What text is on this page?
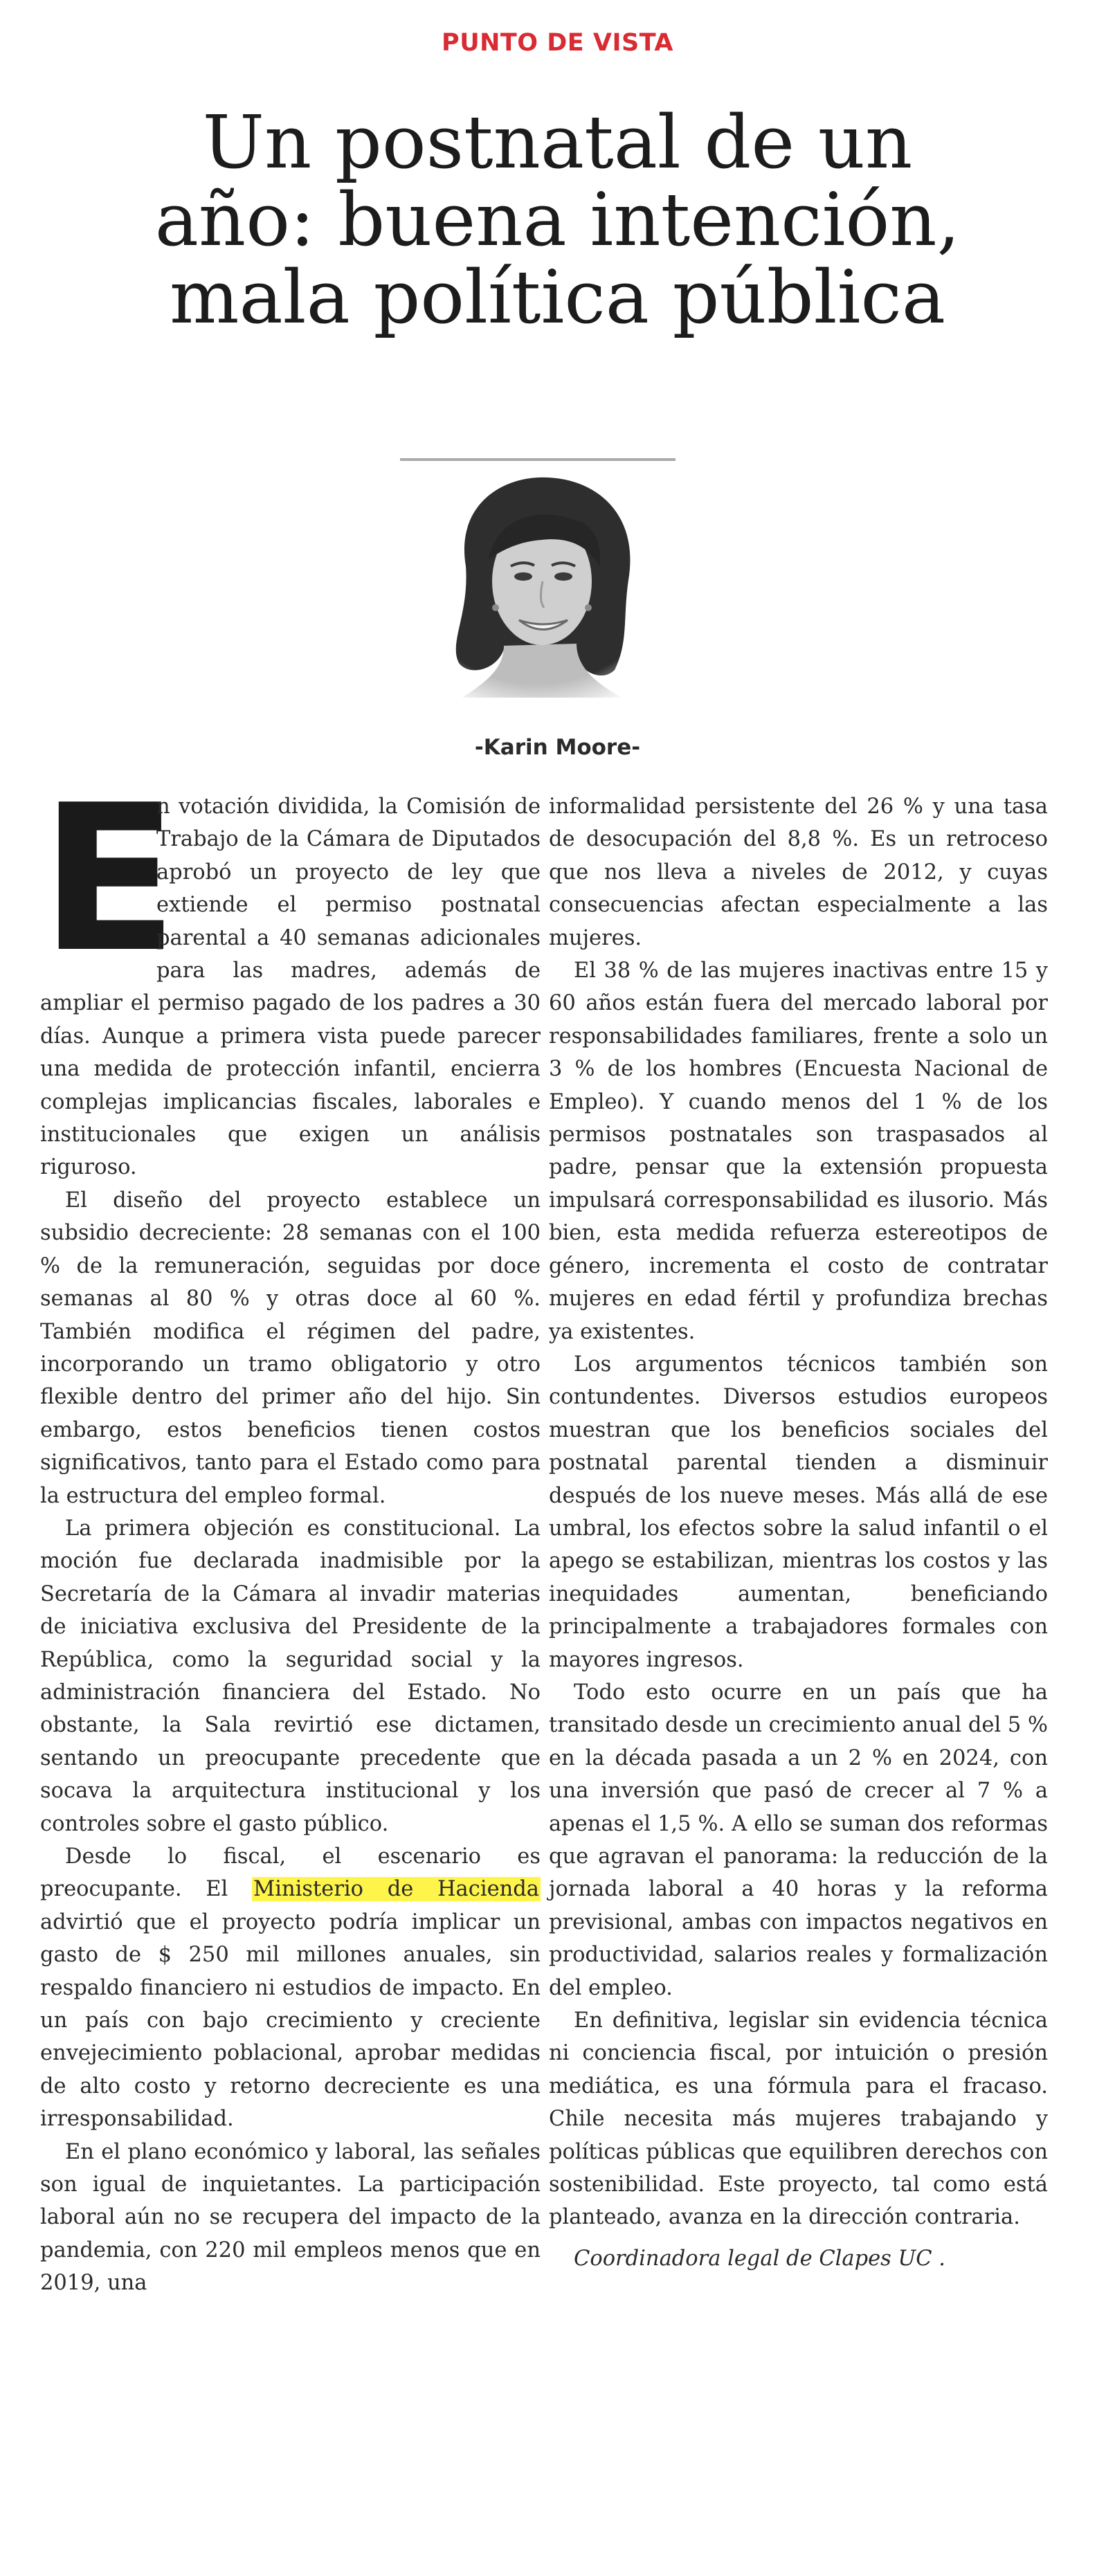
PUNTO DE VISTA
Un postnatal de un
año: buena intención,
mala política pública
-Karin Moore-

E
n votación dividida, la Comisión de Trabajo de la Cámara de Diputados aprobó un proyecto de ley que extiende el permiso postnatal parental a 40 semanas adicionales para las madres, además de ampliar el permiso pagado de los padres a 30 días. Aunque a primera vista puede parecer una medida de protección infantil, encierra complejas implicancias fiscales, laborales e institucionales que exigen un análisis riguroso.

El diseño del proyecto establece un subsidio decreciente: 28 semanas con el 100 % de la remuneración, seguidas por doce semanas al 80 % y otras doce al 60 %. También modifica el régimen del padre, incorporando un tramo obligatorio y otro flexible dentro del primer año del hijo. Sin embargo, estos beneficios tienen costos significativos, tanto para el Estado como para la estructura del empleo formal.

La primera objeción es constitucional. La moción fue declarada inadmisible por la Secretaría de la Cámara al invadir materias de iniciativa exclusiva del Presidente de la República, como la seguridad social y la administración financiera del Estado. No obstante, la Sala revirtió ese dictamen, sentando un preocupante precedente que socava la arquitectura institucional y los controles sobre el gasto público.

Desde lo fiscal, el escenario es preocupante. El Ministerio de Hacienda advirtió que el proyecto podría implicar un gasto de $ 250 mil millones anuales, sin respaldo financiero ni estudios de impacto. En un país con bajo crecimiento y creciente envejecimiento poblacional, aprobar medidas de alto costo y retorno decreciente es una irresponsabilidad.

En el plano económico y laboral, las señales son igual de inquietantes. La participación laboral aún no se recupera del impacto de la pandemia, con 220 mil empleos menos que en 2019, una

informalidad persistente del 26 % y una tasa de desocupación del 8,8 %. Es un retroceso que nos lleva a niveles de 2012, y cuyas consecuencias afectan especialmente a las mujeres.

El 38 % de las mujeres inactivas entre 15 y 60 años están fuera del mercado laboral por responsabilidades familiares, frente a solo un 3 % de los hombres (Encuesta Nacional de Empleo). Y cuando menos del 1 % de los permisos postnatales son traspasados al padre, pensar que la extensión propuesta impulsará corresponsabilidad es ilusorio. Más bien, esta medida refuerza estereotipos de género, incrementa el costo de contratar mujeres en edad fértil y profundiza brechas ya existentes.

Los argumentos técnicos también son contundentes. Diversos estudios europeos muestran que los beneficios sociales del postnatal parental tienden a disminuir después de los nueve meses. Más allá de ese umbral, los efectos sobre la salud infantil o el apego se estabilizan, mientras los costos y las inequidades aumentan, beneficiando principalmente a trabajadores formales con mayores ingresos.

Todo esto ocurre en un país que ha transitado desde un crecimiento anual del 5 % en la década pasada a un 2 % en 2024, con una inversión que pasó de crecer al 7 % a apenas el 1,5 %. A ello se suman dos reformas que agravan el panorama: la reducción de la jornada laboral a 40 horas y la reforma previsional, ambas con impactos negativos en productividad, salarios reales y formalización del empleo.

En definitiva, legislar sin evidencia técnica ni conciencia fiscal, por intuición o presión mediática, es una fórmula para el fracaso. Chile necesita más mujeres trabajando y políticas públicas que equilibren derechos con sostenibilidad. Este proyecto, tal como está planteado, avanza en la dirección contraria.

Coordinadora legal de Clapes UC .
